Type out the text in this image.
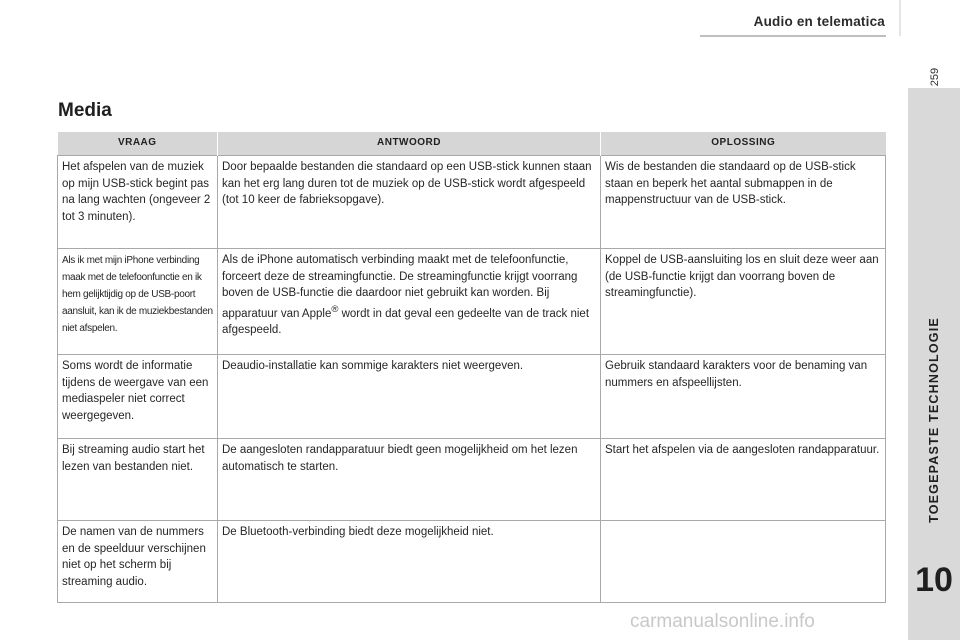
Audio en telematica
259
TOEGEPASTE TECHNOLOGIE
10
Media
VRAAG	ANTWOORD	OPLOSSING
Het afspelen van de muziek op mijn USB-stick begint pas na lang wachten (ongeveer 2 tot 3 minuten).	Door bepaalde bestanden die standaard op een USB-stick kunnen staan kan het erg lang duren tot de muziek op de USB-stick wordt afgespeeld (tot 10 keer de fabrieksopgave).	Wis de bestanden die standaard op de USB-stick staan en beperk het aantal submappen in de mappenstructuur van de USB-stick.
Als ik met mijn iPhone verbinding maak met de telefoonfunctie en ik hem gelijktijdig op de USB-poort aansluit, kan ik de muziekbestanden niet afspelen.	Als de iPhone automatisch verbinding maakt met de telefoonfunctie, forceert deze de streamingfunctie. De streamingfunctie krijgt voorrang boven de USB-functie die daardoor niet gebruikt kan worden. Bij apparatuur van Apple® wordt in dat geval een gedeelte van de track niet afgespeeld.	Koppel de USB-aansluiting los en sluit deze weer aan (de USB-functie krijgt dan voorrang boven de streamingfunctie).
Soms wordt de informatie tijdens de weergave van een mediaspeler niet correct weergegeven.	Deaudio-installatie kan sommige karakters niet weergeven.	Gebruik standaard karakters voor de benaming van nummers en afspeellijsten.
Bij streaming audio start het lezen van bestanden niet.	De aangesloten randapparatuur biedt geen mogelijkheid om het lezen automatisch te starten.	Start het afspelen via de aangesloten randapparatuur.
De namen van de nummers en de speelduur verschijnen niet op het scherm bij streaming audio.	De Bluetooth-verbinding biedt deze mogelijkheid niet.	
carmanualsonline.info
